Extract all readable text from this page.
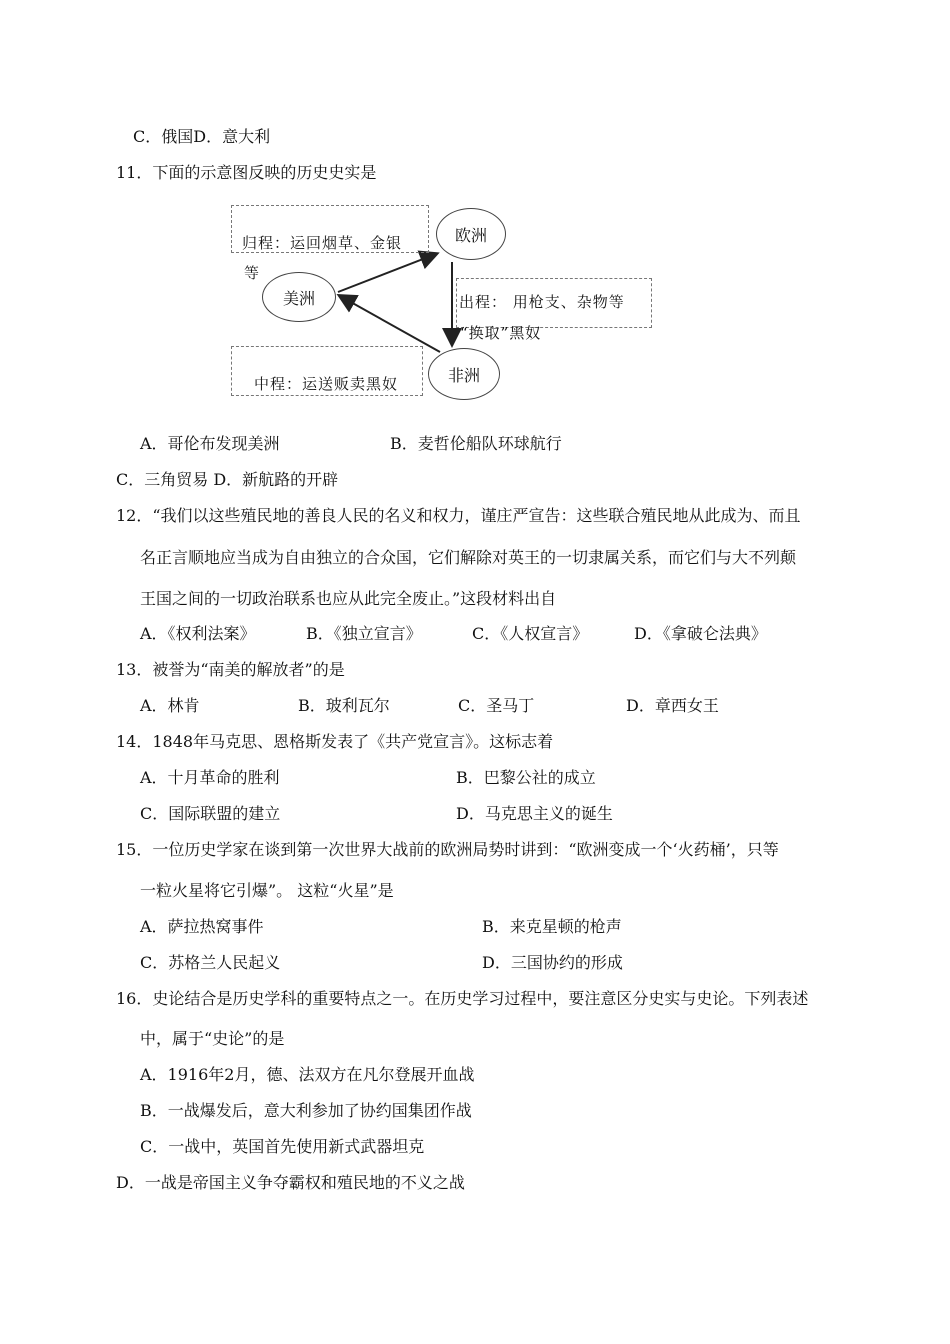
C．俄国D．意大利
11．下面的示意图反映的历史史实是
归程：运回烟草、金银
等
欧洲
美洲	出程： 用枪支、杂物等
“换取”黑奴
中程：运送贩卖黑奴	非洲
A．哥伦布发现美洲	B．麦哲伦船队环球航行
C．三角贸易 D．新航路的开辟
12．“我们以这些殖民地的善良人民的名义和权力，谨庄严宣告：这些联合殖民地从此成为、而且
名正言顺地应当成为自由独立的合众国，它们解除对英王的一切隶属关系，而它们与大不列颠
王国之间的一切政治联系也应从此完全废止。”这段材料出自
A．《权利法案》	B．《独立宣言》	C．《人权宣言》	D．《拿破仑法典》
13．被誉为“南美的解放者”的是
A．林肯	B．玻利瓦尔	C．圣马丁	D．章西女王
14．1848年马克思、恩格斯发表了《共产党宣言》。这标志着
A．十月革命的胜利	B．巴黎公社的成立
C．国际联盟的建立	D．马克思主义的诞生
15．一位历史学家在谈到第一次世界大战前的欧洲局势时讲到：“欧洲变成一个‘火药桶’，只等
一粒火星将它引爆”。 这粒“火星”是
A．萨拉热窝事件	B．来克星顿的枪声
C．苏格兰人民起义	D．三国协约的形成
16．史论结合是历史学科的重要特点之一。在历史学习过程中，要注意区分史实与史论。下列表述
中，属于“史论”的是
A．1916年2月，德、法双方在凡尔登展开血战
B．一战爆发后，意大利参加了协约国集团作战
C．一战中，英国首先使用新式武器坦克
D．一战是帝国主义争夺霸权和殖民地的不义之战
